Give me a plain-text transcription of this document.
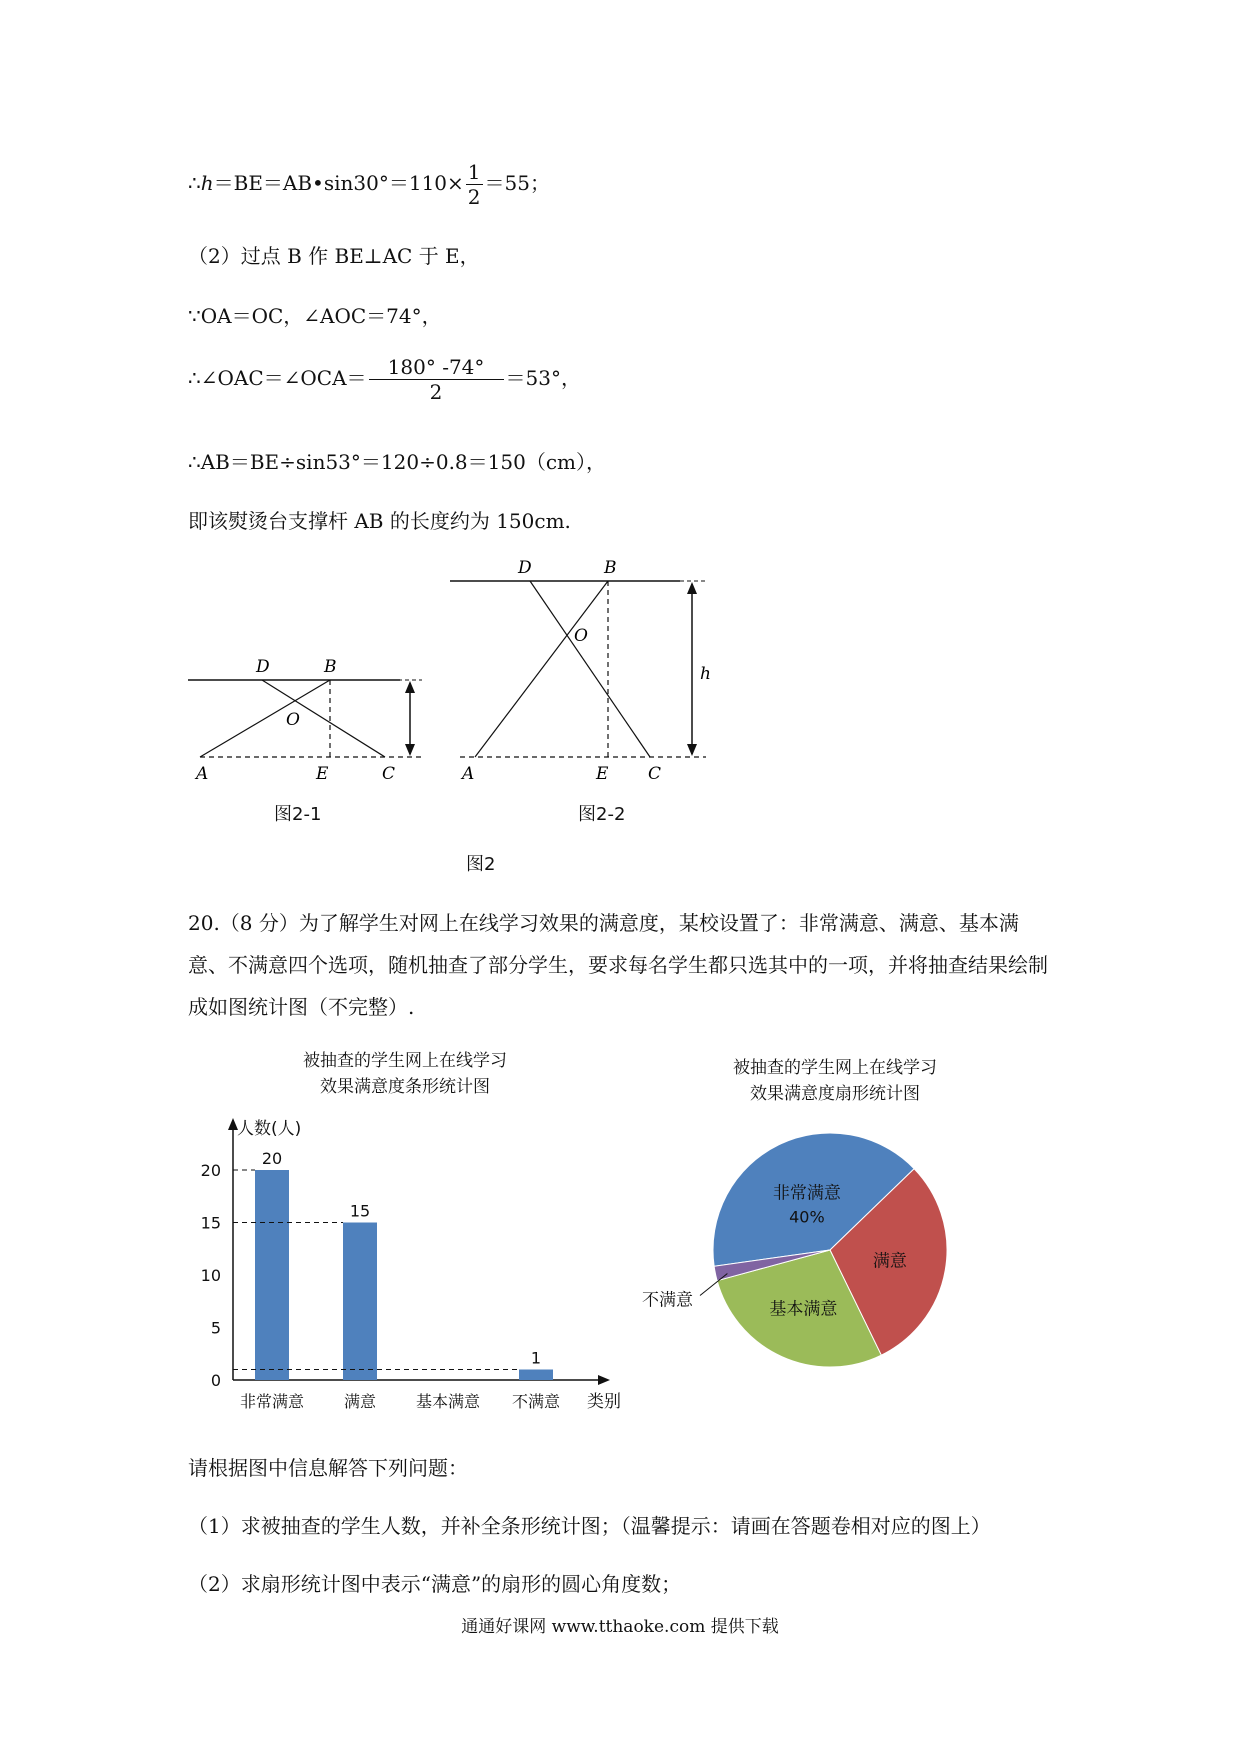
∴h＝BE＝AB•sin30°＝110× $\frac{1}{2} =55$；
（2）过点 B 作 BE⊥AC 于 E，
∵OA＝OC，∠AOC＝74°，
∴∠OAC＝∠OCA＝ $\frac{180^\circ -74^\circ}{2} =53^\circ$，
∴AB＝BE÷sin53°＝120÷0.8＝150（cm），
即该熨烫台支撑杆 AB 的长度约为 150cm.
D	B
O
A	E	C
D	B
O
h
A	E C
图2-1	图2-2
图2
20.（8 分）为了解学生对网上在线学习效果的满意度，某校设置了：非常满意、满意、基本满意、不满意四个选项，随机抽查了部分学生，要求每名学生都只选其中的一项，并将抽查结果绘制成如图统计图（不完整）.
被抽查的学生网上在线学习
效果满意度条形统计图
人数(人)
类别
0
5
10
15
20
非常满意
20
满意
15
基本满意 不满意
1
被抽查的学生网上在线学习
效果满意度扇形统计图
非常满意
40%
满意
基本满意
不满意
请根据图中信息解答下列问题：
（1）求被抽查的学生人数，并补全条形统计图；（温馨提示：请画在答题卷相对应的图上）
（2）求扇形统计图中表示“满意”的扇形的圆心角度数；
通通好课网 www.tthaoke.com 提供下载
